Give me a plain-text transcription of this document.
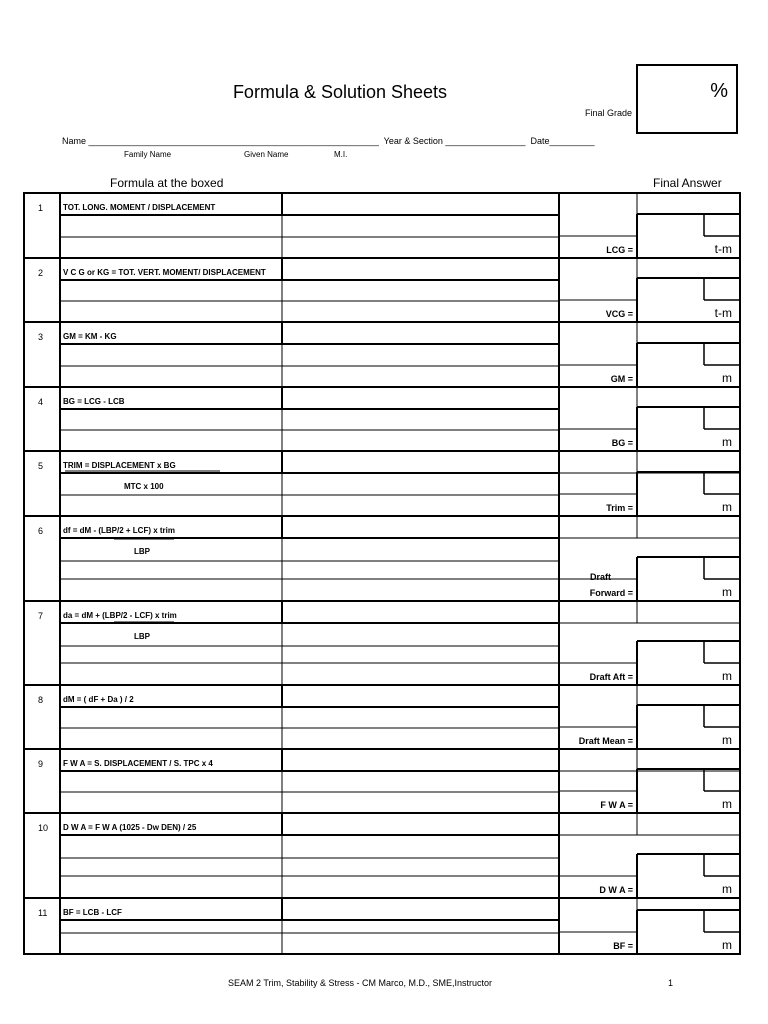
Formula & Solution Sheets	%
Final Grade
Name __________________________________________________________  Year & Section ________________  Date_________
Family Name	Given Name	M.I.
Formula at the boxed	Final Answer
1 TOT. LONG. MOMENT / DISPLACEMENT
LCG =	t-m
2 V C G or KG = TOT. VERT. MOMENT/ DISPLACEMENT
VCG =	t-m
3 GM = KM - KG
GM =	m
4 BG = LCG - LCB
BG =	m
5 TRIM = DISPLACEMENT x BG
MTC x 100
Trim =	m
6 df = dM - (LBP/2 + LCF) x trim
LBP
Draft
Forward =	m
7 da = dM + (LBP/2 - LCF) x trim
LBP
Draft Aft =	m
8 dM = ( dF + Da ) / 2
Draft Mean =	m
9 F W A = S. DISPLACEMENT / S. TPC x 4
F W A =	m
10 D W A = F W A (1025 - Dw DEN) / 25
D W A =	m
11 BF = LCB - LCF
BF =	m
SEAM 2 Trim, Stability & Stress - CM Marco, M.D., SME,Instructor	1
